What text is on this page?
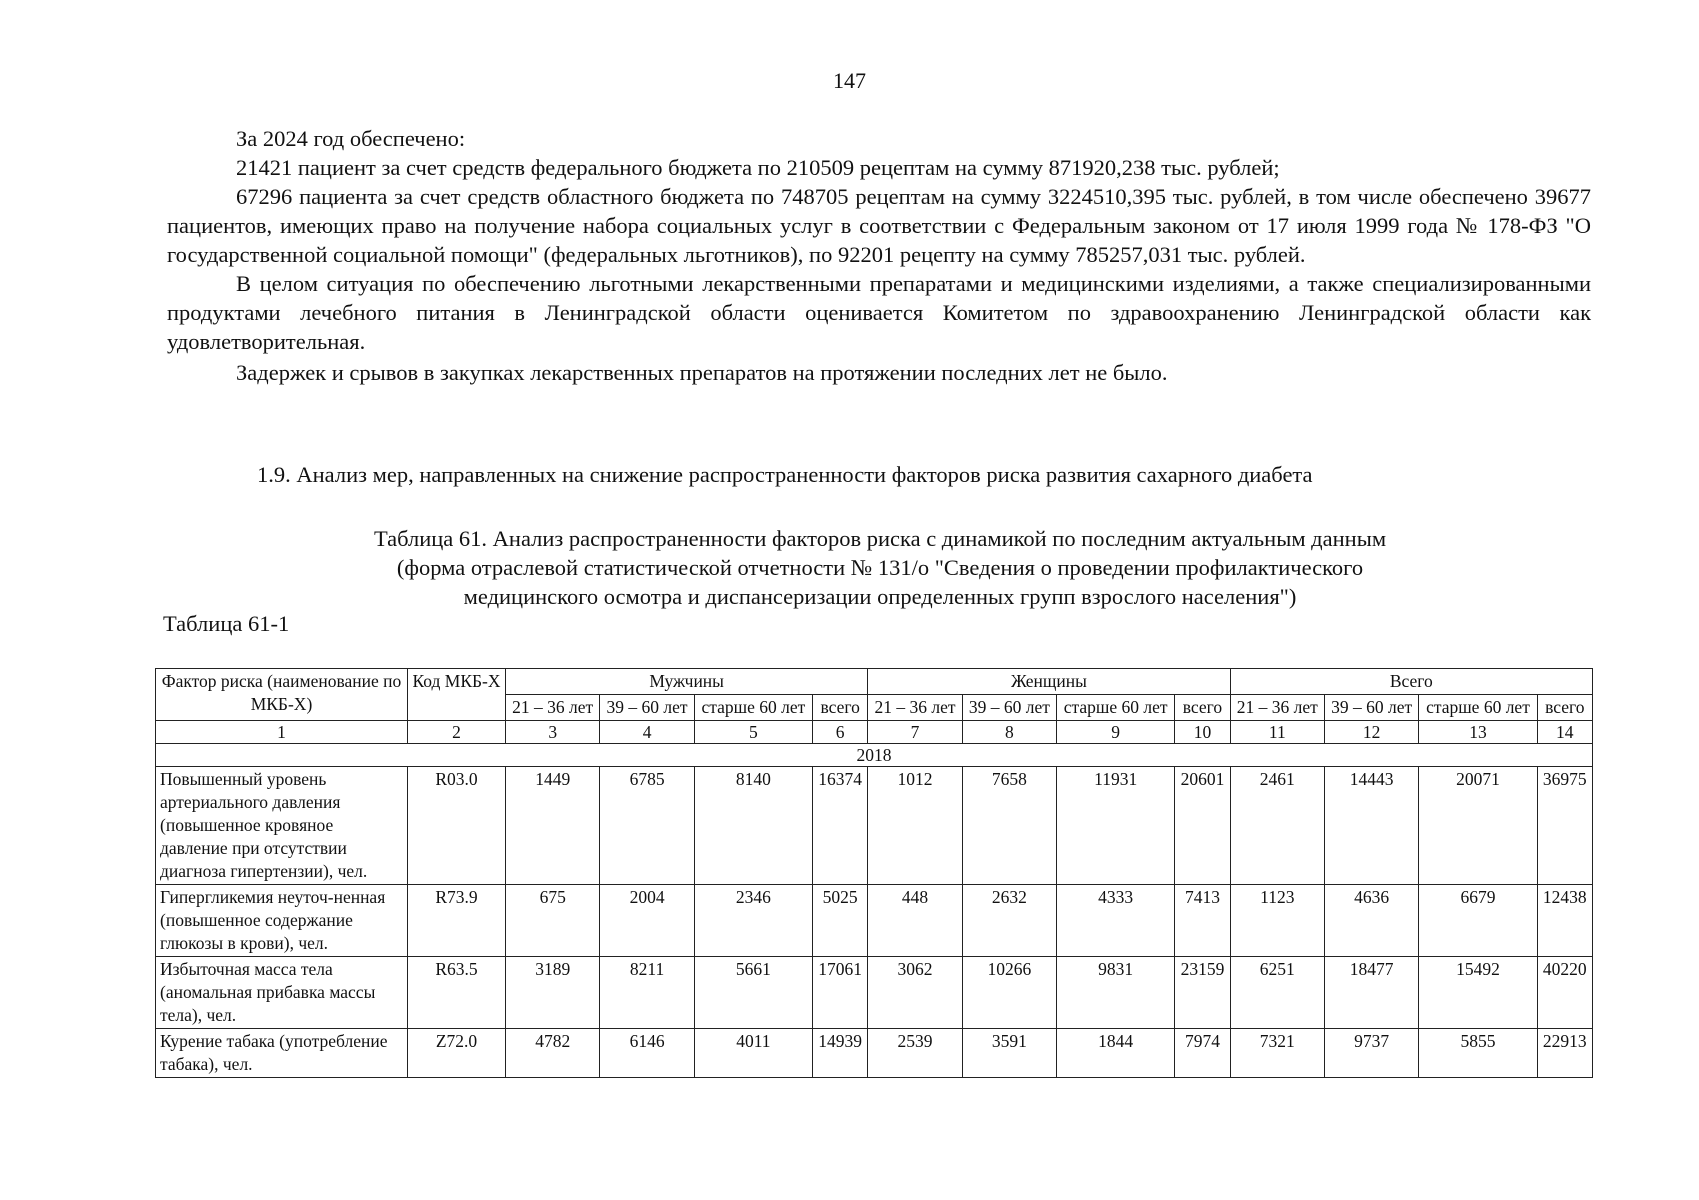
147

За 2024 год обеспечено:

21421 пациент за счет средств федерального бюджета по 210509 рецептам на сумму 871920,238 тыс. рублей;

67296 пациента за счет средств областного бюджета по 748705 рецептам на сумму 3224510,395 тыс. рублей, в том числе обеспечено 39677 пациентов, имеющих право на получение набора социальных услуг в соответствии с Федеральным законом от 17 июля 1999 года № 178-ФЗ "О государственной социальной помощи" (федеральных льготников), по 92201 рецепту на сумму 785257,031 тыс. рублей.

В целом ситуация по обеспечению льготными лекарственными препаратами и медицинскими изделиями, а также специализированными продуктами лечебного питания в Ленинградской области оценивается Комитетом по здравоохранению Ленинградской области как удовлетворительная.

Задержек и срывов в закупках лекарственных препаратов на протяжении последних лет не было.

1.9. Анализ мер, направленных на снижение распространенности факторов риска развития сахарного диабета
Таблица 61. Анализ распространенности факторов риска с динамикой по последним актуальным данным
(форма отраслевой статистической отчетности № 131/о "Сведения о проведении профилактического
медицинского осмотра и диспансеризации определенных групп взрослого населения")
Таблица 61-1
Фактор риска (наименование по МКБ-Х)	Код МКБ-Х	Мужчины				Женщины				Всего			
		21 – 36 лет	39 – 60 лет	старше 60 лет	всего	21 – 36 лет	39 – 60 лет	старше 60 лет	всего	21 – 36 лет	39 – 60 лет	старше 60 лет	всего
1	2	3	4	5	6	7	8	9	10	11	12	13	14
2018													
Повышенный уровень артериального давления (повышенное кровяное давление при отсутствии диагноза гипертензии), чел.	R03.0	1449	6785	8140	16374	1012	7658	11931	20601	2461	14443	20071	36975
Гипергликемия неуточ-ненная (повышенное содержание глюкозы в крови), чел.	R73.9	675	2004	2346	5025	448	2632	4333	7413	1123	4636	6679	12438
Избыточная масса тела (аномальная прибавка массы тела), чел.	R63.5	3189	8211	5661	17061	3062	10266	9831	23159	6251	18477	15492	40220
Курение табака (употребление табака), чел.	Z72.0	4782	6146	4011	14939	2539	3591	1844	7974	7321	9737	5855	22913
